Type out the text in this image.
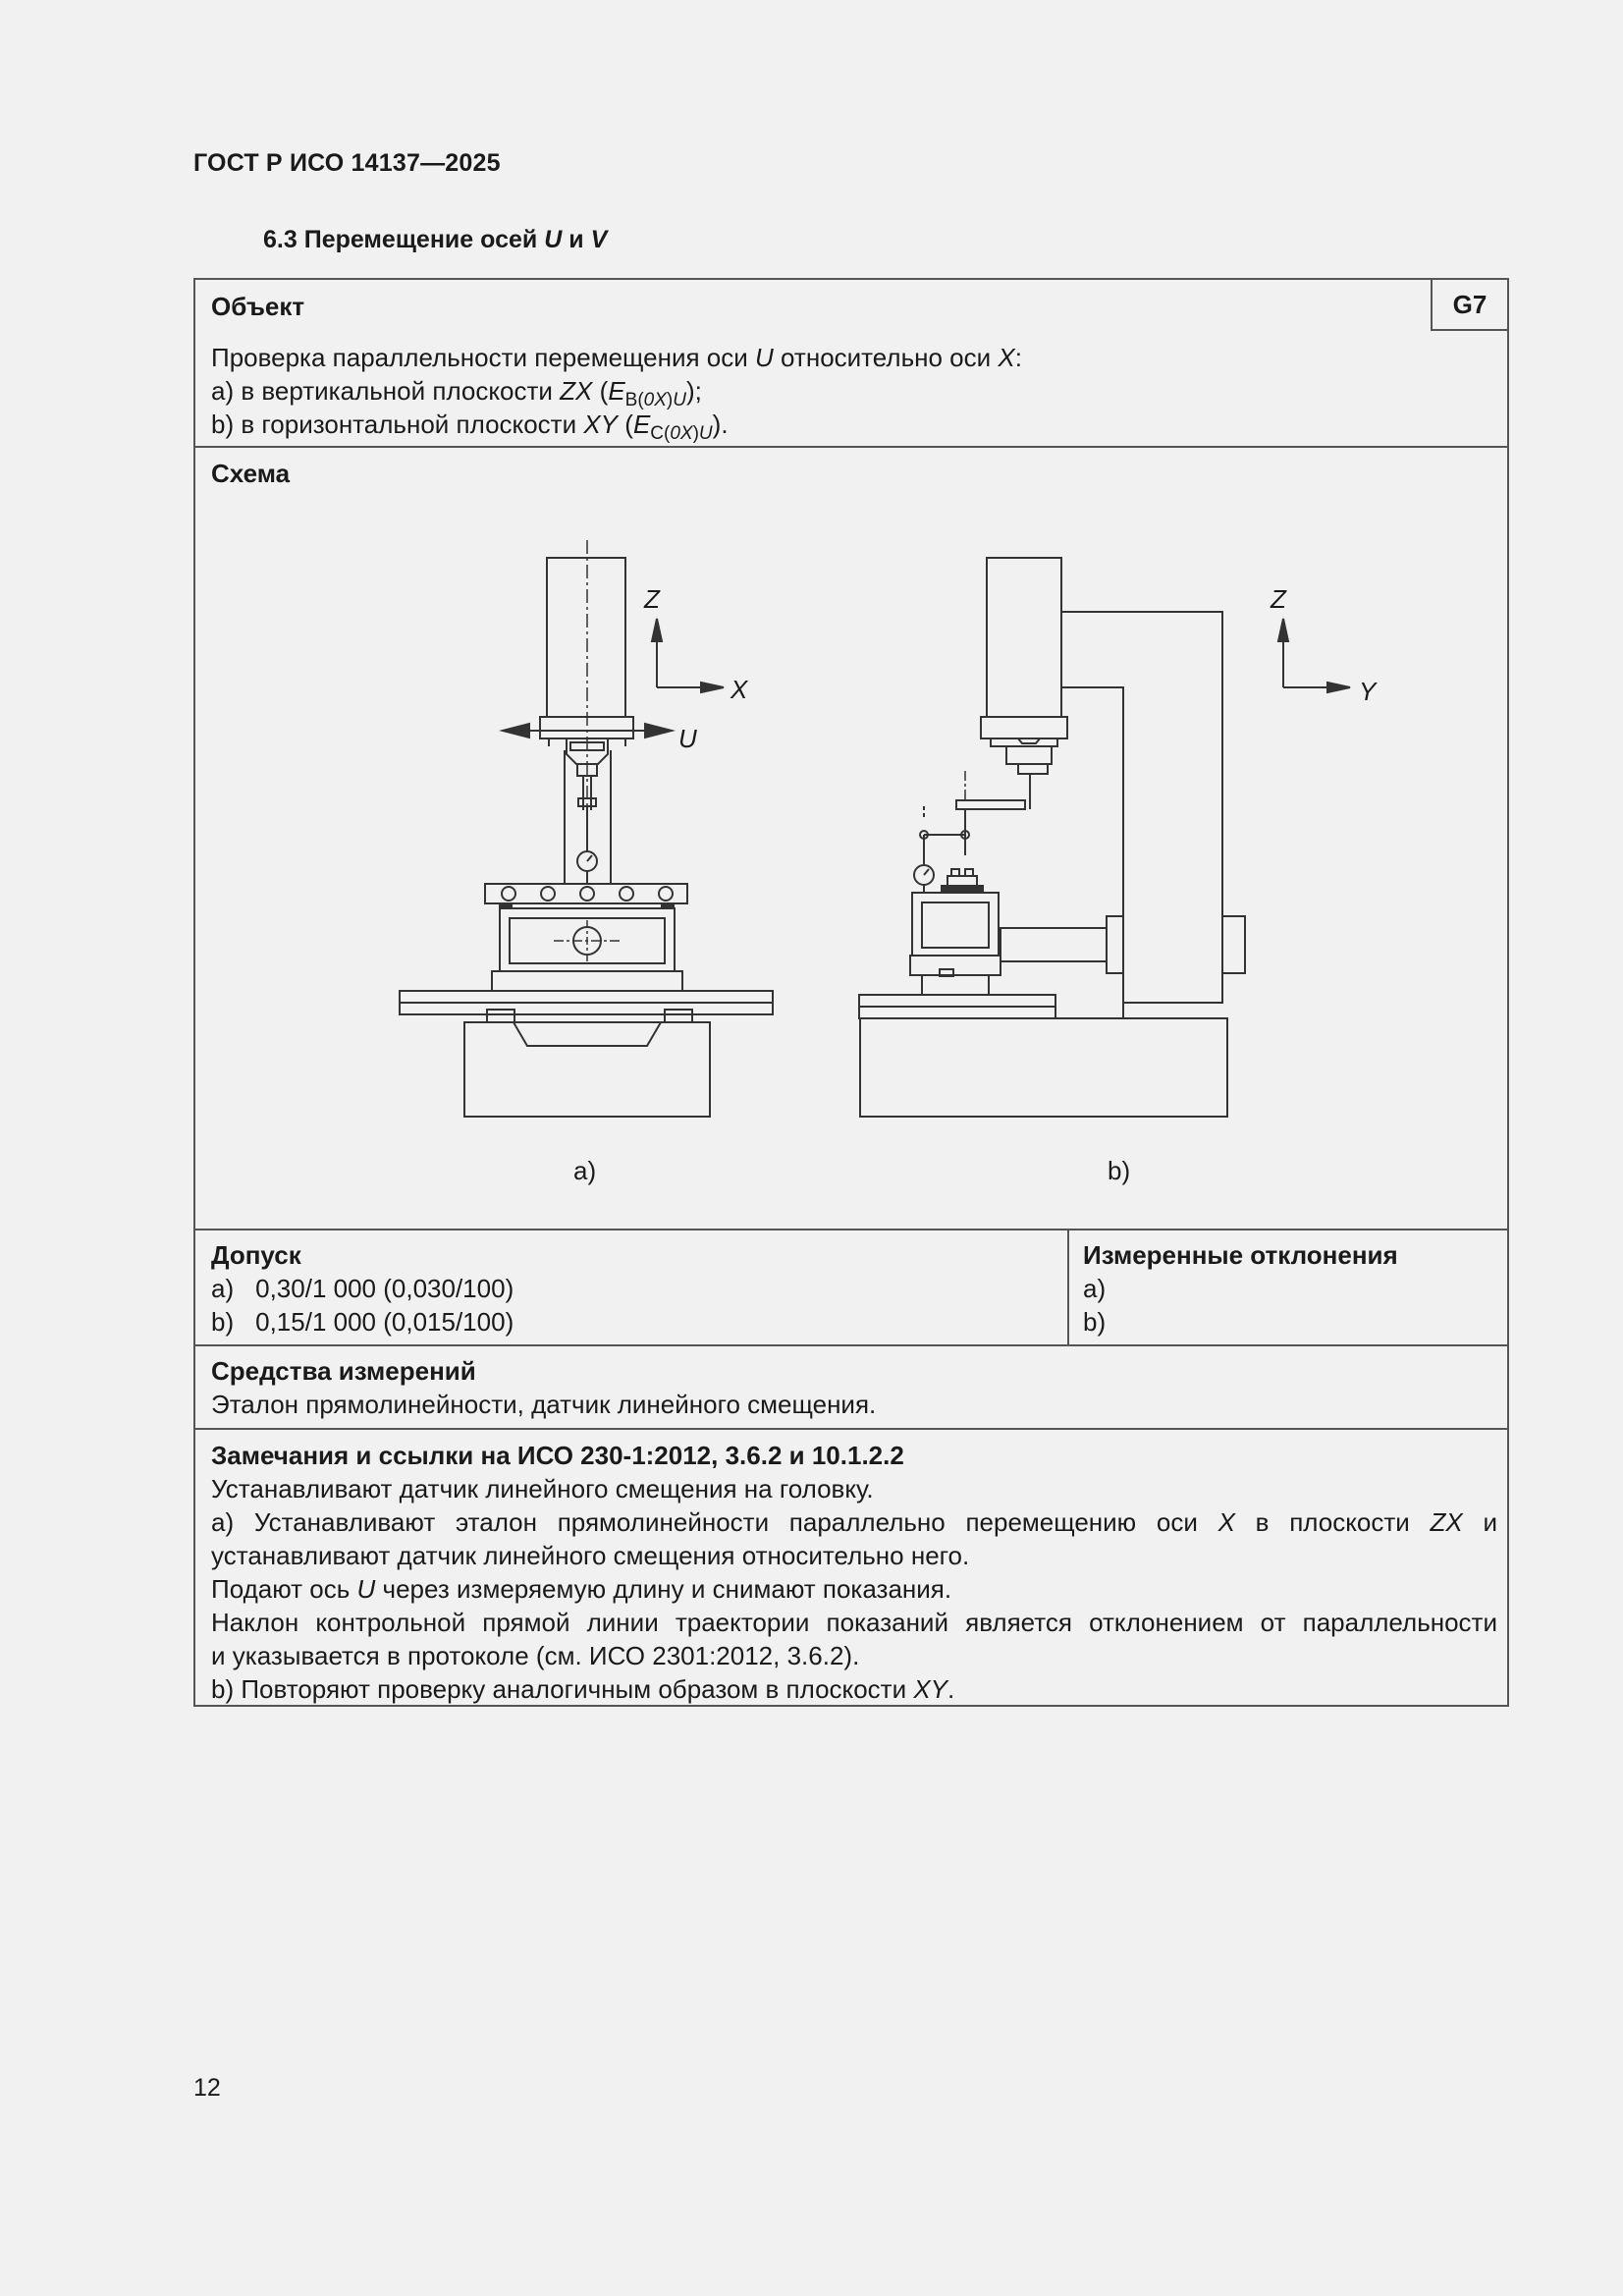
ГОСТ Р ИСО 14137—2025
6.3 Перемещение осей U и V
Объект	G7
Проверка параллельности перемещения оси U относительно оси X:
a) в вертикальной плоскости ZX $(E_{B(0X)U})$;
b) в горизонтальной плоскости XY $(E_{C(0X)U})$.
Схема
Z
X
U
a)
Z
Y
b)
Допуск
a) 0,30/1 000 (0,030/100)
b) 0,15/1 000 (0,015/100)
Измеренные отклонения
a)
b)
Средства измерений
Эталон прямолинейности, датчик линейного смещения.
Замечания и ссылки на ИСО 230-1:2012, 3.6.2 и 10.1.2.2
Устанавливают датчик линейного смещения на головку.
a) Устанавливают эталон прямолинейности параллельно перемещению оси X в плоскости ZX и
устанавливают датчик линейного смещения относительно него.
Подают ось U через измеряемую длину и снимают показания.
Наклон контрольной прямой линии траектории показаний является отклонением от параллельности
и указывается в протоколе (см. ИСО 2301:2012, 3.6.2).
b) Повторяют проверку аналогичным образом в плоскости XY.
12
